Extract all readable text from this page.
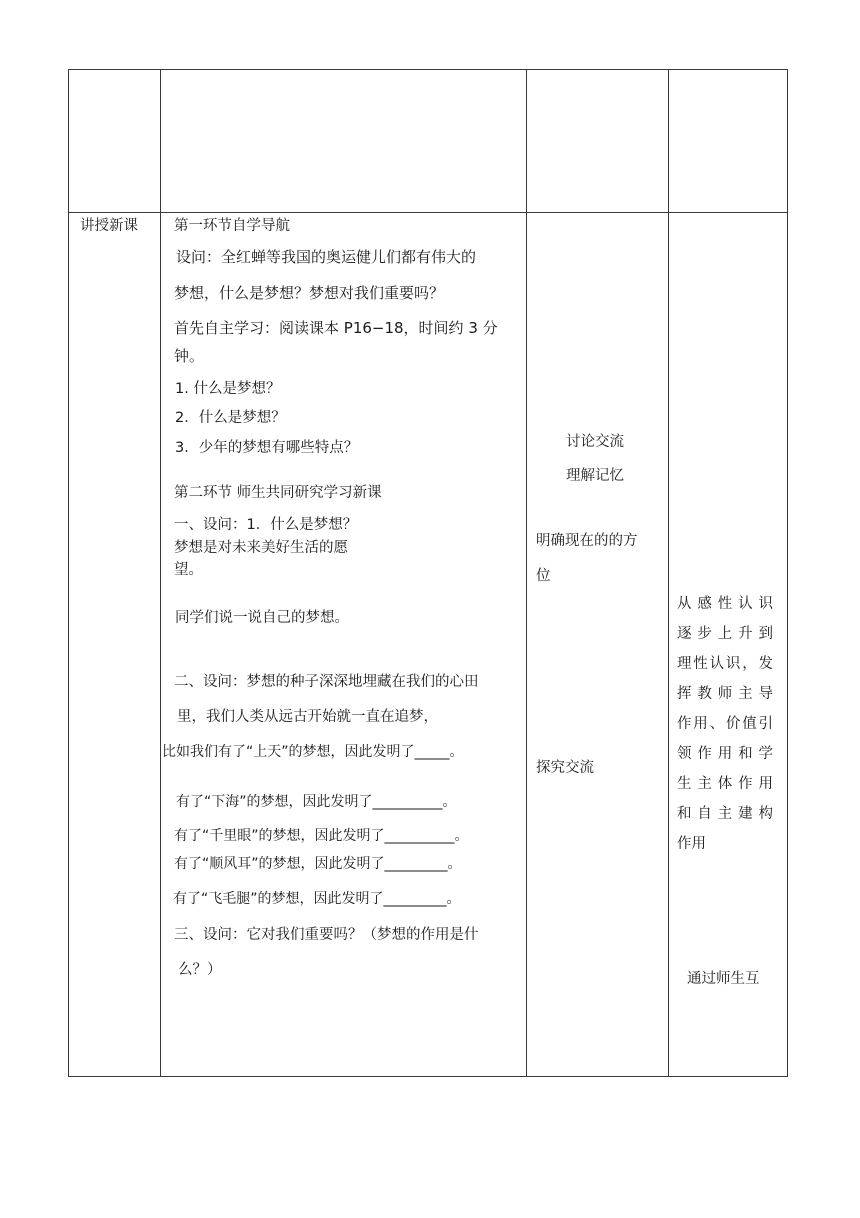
讲授新课 第一环节自学导航
设问：全红蝉等我国的奥运健儿们都有伟大的
梦想，什么是梦想？梦想对我们重要吗？
首先自主学习：阅读课本 P16−18，时间约 3 分
钟。
1. 什么是梦想？
2．什么是梦想？
3．少年的梦想有哪些特点？
第二环节 师生共同研究学习新课
一、设问：1．什么是梦想？
梦想是对未来美好生活的愿
望。
同学们说一说自己的梦想。
二、设问：梦想的种子深深地埋藏在我们的心田
里，我们人类从远古开始就一直在追梦，
比如我们有了“上天”的梦想，因此发明了_____。
有了“下海”的梦想，因此发明了__________。
有了“千里眼”的梦想，因此发明了__________。
有了“顺风耳”的梦想，因此发明了_________。
有了“飞毛腿”的梦想，因此发明了_________。
三、设问：它对我们重要吗？（梦想的作用是什
么？）
讨论交流
理解记忆
明确现在的的方
位
探究交流
从感性认识
逐步上升到
理性认识，发
挥教师主导
作用、价值引
领作用和学
生主体作用
和自主建构
作用
通过师生互
